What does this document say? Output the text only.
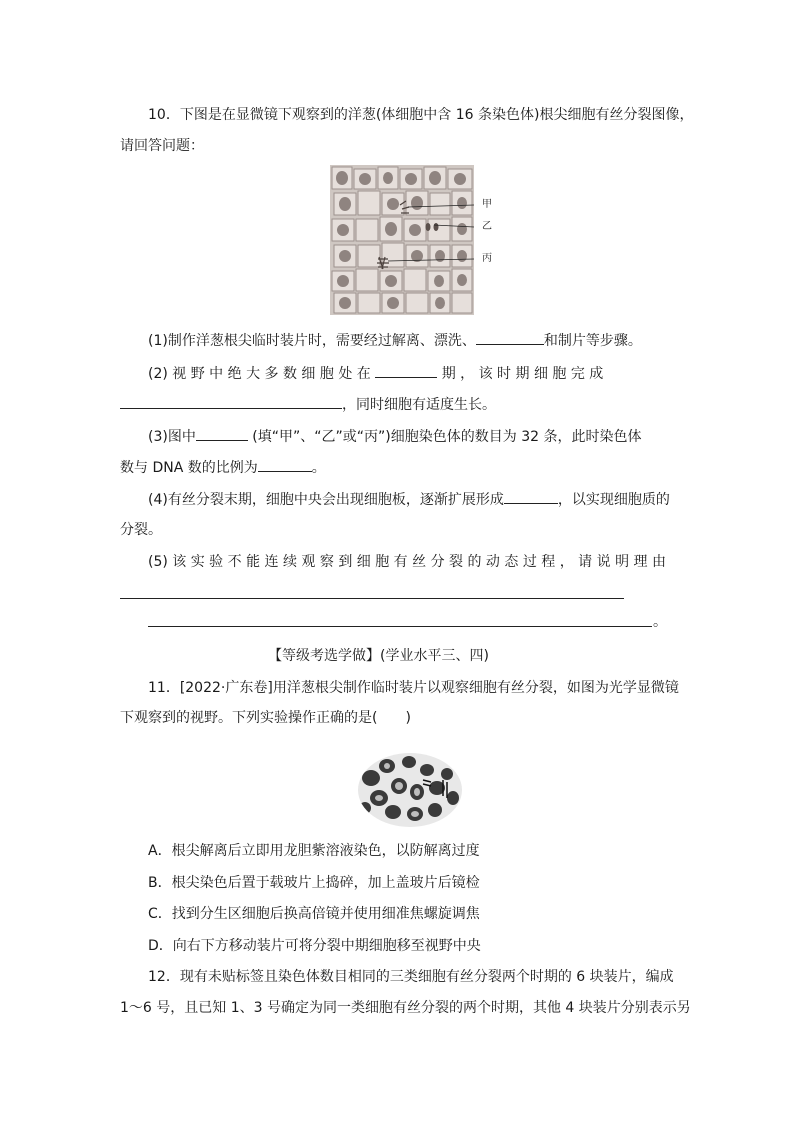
10．下图是在显微镜下观察到的洋葱(体细胞中含 16 条染色体)根尖细胞有丝分裂图像，
请回答问题：
甲
乙
丙
(1)制作洋葱根尖临时装片时，需要经过解离、漂洗、	和制片等步骤。
(2) 视 野 中 绝 大 多 数 细 胞 处 在	期 ， 该 时 期 细 胞 完 成
，同时细胞有适度生长。
(3)图中	(填“甲”、“乙”或“丙”)细胞染色体的数目为 32 条，此时染色体
数与 DNA 数的比例为	。
(4)有丝分裂末期，细胞中央会出现细胞板，逐渐扩展形成	，以实现细胞质的
分裂。
(5) 该 实 验 不 能 连 续 观 察 到 细 胞 有 丝 分 裂 的 动 态 过 程 ， 请 说 明 理 由
。
【等级考选学做】(学业水平三、四)
11．[2022·广东卷]用洋葱根尖制作临时装片以观察细胞有丝分裂，如图为光学显微镜
下观察到的视野。下列实验操作正确的是(　　)
A．根尖解离后立即用龙胆紫溶液染色，以防解离过度
B．根尖染色后置于载玻片上捣碎，加上盖玻片后镜检
C．找到分生区细胞后换高倍镜并使用细准焦螺旋调焦
D．向右下方移动装片可将分裂中期细胞移至视野中央
12．现有未贴标签且染色体数目相同的三类细胞有丝分裂两个时期的 6 块装片，编成
1～6 号，且已知 1、3 号确定为同一类细胞有丝分裂的两个时期，其他 4 块装片分别表示另
